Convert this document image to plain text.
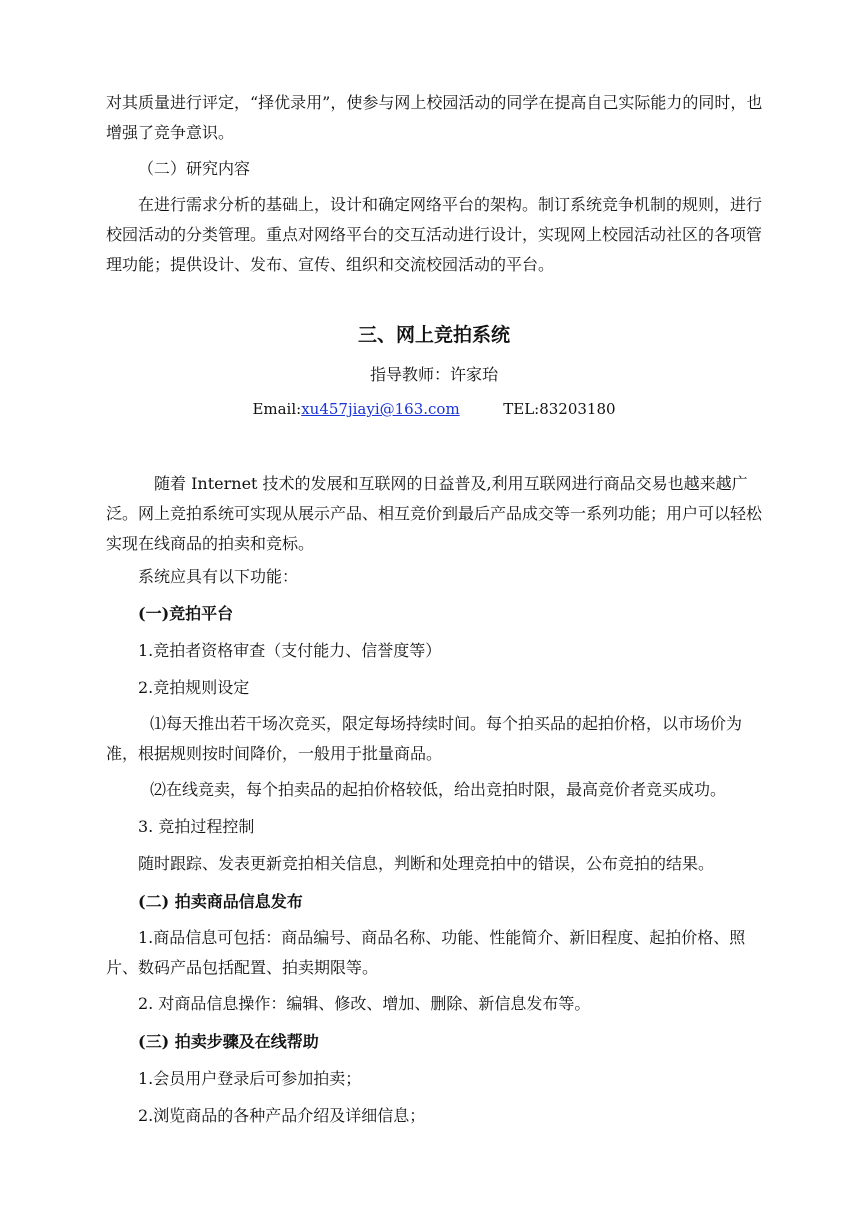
对其质量进行评定，“择优录用”，使参与网上校园活动的同学在提高自己实际能力的同时，也增强了竞争意识。

（二）研究内容

在进行需求分析的基础上，设计和确定网络平台的架构。制订系统竞争机制的规则，进行校园活动的分类管理。重点对网络平台的交互活动进行设计，实现网上校园活动社区的各项管理功能；提供设计、发布、宣传、组织和交流校园活动的平台。

三、网上竞拍系统
指导教师：许家珆
Email:xu457jiayi@163.com	TEL:83203180

随着 Internet 技术的发展和互联网的日益普及,利用互联网进行商品交易也越来越广泛。网上竞拍系统可实现从展示产品、相互竞价到最后产品成交等一系列功能；用户可以轻松实现在线商品的拍卖和竞标。

系统应具有以下功能：
(一)竞拍平台
1.竞拍者资格审查（支付能力、信誉度等）
2.竞拍规则设定

⑴每天推出若干场次竞买，限定每场持续时间。每个拍买品的起拍价格，以市场价为准，根据规则按时间降价，一般用于批量商品。

⑵在线竞卖，每个拍卖品的起拍价格较低，给出竞拍时限，最高竞价者竞买成功。
3. 竞拍过程控制
随时跟踪、发表更新竞拍相关信息，判断和处理竞拍中的错误，公布竞拍的结果。
(二) 拍卖商品信息发布

1.商品信息可包括：商品编号、商品名称、功能、性能简介、新旧程度、起拍价格、照片、数码产品包括配置、拍卖期限等。

2. 对商品信息操作：编辑、修改、增加、删除、新信息发布等。
(三) 拍卖步骤及在线帮助
1.会员用户登录后可参加拍卖；
2.浏览商品的各种产品介绍及详细信息；
